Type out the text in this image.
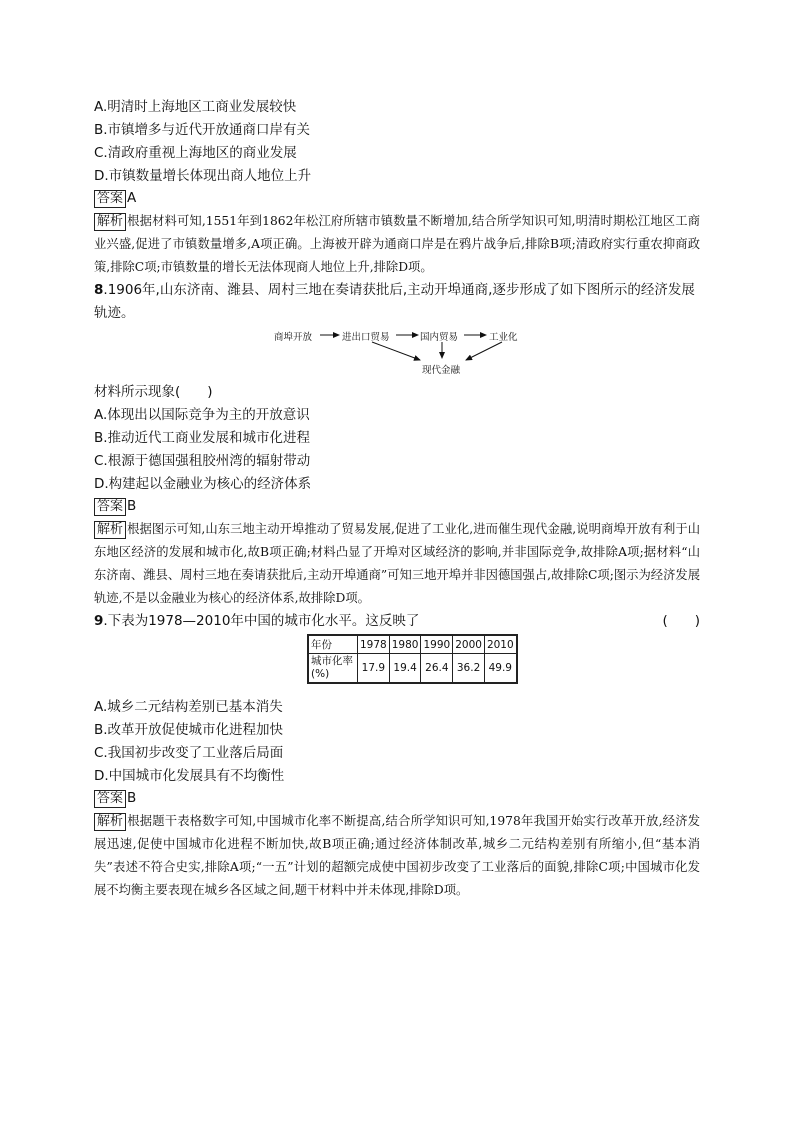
A.明清时上海地区工商业发展较快
B.市镇增多与近代开放通商口岸有关
C.清政府重视上海地区的商业发展
D.市镇数量增长体现出商人地位上升
答案 A
解析 根据材料可知,1551年到1862年松江府所辖市镇数量不断增加,结合所学知识可知,明清时期松江地区工商业兴盛,促进了市镇数量增多,A项正确。上海被开辟为通商口岸是在鸦片战争后,排除B项;清政府实行重农抑商政策,排除C项;市镇数量的增长无法体现商人地位上升,排除D项。
8.1906年,山东济南、潍县、周村三地在奏请获批后,主动开埠通商,逐步形成了如下图所示的经济发展轨迹。
商埠开放	进出口贸易	国内贸易	工业化
现代金融
材料所示现象(　　)
A.体现出以国际竞争为主的开放意识
B.推动近代工商业发展和城市化进程
C.根源于德国强租胶州湾的辐射带动
D.构建起以金融业为核心的经济体系
答案 B
解析 根据图示可知,山东三地主动开埠推动了贸易发展,促进了工业化,进而催生现代金融,说明商埠开放有利于山东地区经济的发展和城市化,故B项正确;材料凸显了开埠对区域经济的影响,并非国际竞争,故排除A项;据材料“山东济南、潍县、周村三地在奏请获批后,主动开埠通商”可知三地开埠并非因德国强占,故排除C项;图示为经济发展轨迹,不是以金融业为核心的经济体系,故排除D项。
9.下表为1978—2010年中国的城市化水平。这反映了	(　　)
年份	1978	1980	1990	2000	2010
城市化率(%)	17.9	19.4	26.4	36.2	49.9
A.城乡二元结构差别已基本消失
B.改革开放促使城市化进程加快
C.我国初步改变了工业落后局面
D.中国城市化发展具有不均衡性
答案 B
解析 根据题干表格数字可知,中国城市化率不断提高,结合所学知识可知,1978年我国开始实行改革开放,经济发展迅速,促使中国城市化进程不断加快,故B项正确;通过经济体制改革,城乡二元结构差别有所缩小,但“基本消失”表述不符合史实,排除A项;“一五”计划的超额完成使中国初步改变了工业落后的面貌,排除C项;中国城市化发展不均衡主要表现在城乡各区域之间,题干材料中并未体现,排除D项。
